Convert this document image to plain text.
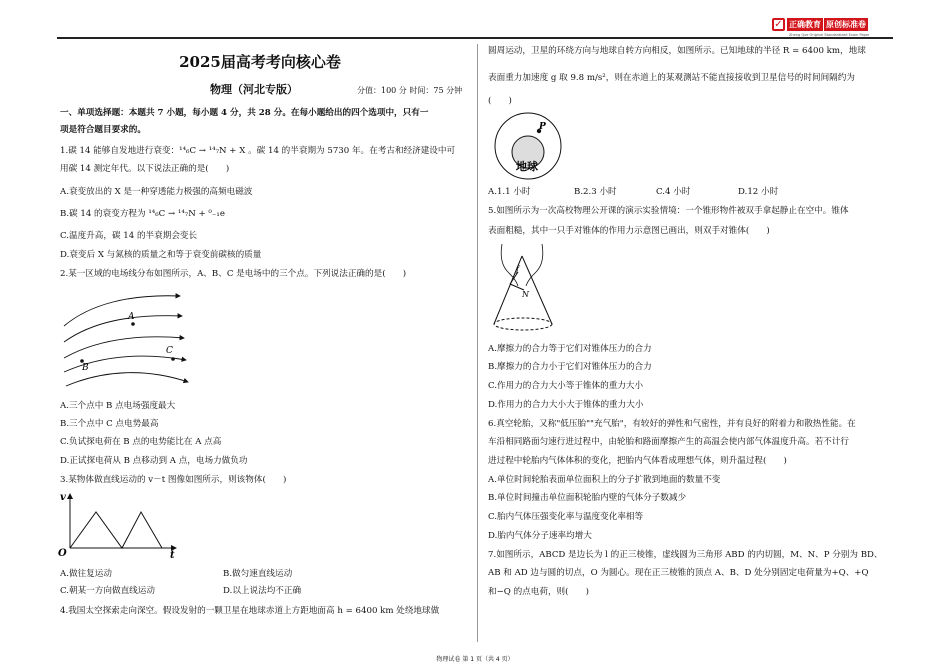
✓ 正确教育 原创标准卷
Zheng Que Original Standardized Exam Paper
2025届高考考向核心卷
物理（河北专版）	分值：100 分 时间：75 分钟
一、单项选择题：本题共 7 小题，每小题 4 分，共 28 分。在每小题给出的四个选项中，只有一
项是符合题目要求的。
1.碳 14 能够自发地进行衰变：¹⁴₆C → ¹⁴₇N + X 。碳 14 的半衰期为 5730 年。在考古和经济建设中可
用碳 14 测定年代。以下说法正确的是(　　)
A.衰变放出的 X 是一种穿透能力极强的高频电磁波
B.碳 14 的衰变方程为 ¹⁴₆C → ¹⁴₇N + ⁰₋₁e
C.温度升高，碳 14 的半衰期会变长
D.衰变后 X 与氮核的质量之和等于衰变前碳核的质量
2.某一区域的电场线分布如图所示，A、B、C 是电场中的三个点。下列说法正确的是(　　)
A
B
C
A.三个点中 B 点电场强度最大
B.三个点中 C 点电势最高
C.负试探电荷在 B 点的电势能比在 A 点高
D.正试探电荷从 B 点移动到 A 点，电场力做负功
3.某物体做直线运动的 v－t 图像如图所示，则该物体(　　)
v
t
O
A.做往复运动	B.做匀速直线运动
C.朝某一方向做直线运动	D.以上说法均不正确
4.我国太空探索走向深空。假设发射的一颗卫星在地球赤道上方距地面高 h = 6400 km 处绕地球做
圆周运动，卫星的环绕方向与地球自转方向相反，如图所示。已知地球的半径 R = 6400 km，地球
表面重力加速度 g 取 9.8 m/s²，则在赤道上的某观测站不能直接接收到卫星信号的时间间隔约为
(　　)
P
地球
A.1.1 小时	B.2.3 小时	C.4 小时	D.12 小时
5.如图所示为一次高校物理公开课的演示实验情境：一个锥形物件被双手拿起静止在空中。锥体
表面粗糙，其中一只手对锥体的作用力示意图已画出，则双手对锥体(　　)
f
N
A.摩擦力的合力等于它们对锥体压力的合力
B.摩擦力的合力小于它们对锥体压力的合力
C.作用力的合力大小等于锥体的重力大小
D.作用力的合力大小大于锥体的重力大小
6.真空轮胎，又称"低压胎""充气胎"，有较好的弹性和气密性，并有良好的附着力和散热性能。在
车沿相同路面匀速行进过程中，由轮胎和路面摩擦产生的高温会使内部气体温度升高。若不计行
进过程中轮胎内气体体积的变化，把胎内气体看成理想气体，则升温过程(　　)
A.单位时间轮胎表面单位面积上的分子扩散到地面的数量不变
B.单位时间撞击单位面积轮胎内壁的气体分子数减少
C.胎内气体压强变化率与温度变化率相等
D.胎内气体分子速率均增大
7.如图所示，ABCD 是边长为 l 的正三棱锥，虚线圆为三角形 ABD 的内切圆，M、N、P 分别为 BD、
AB 和 AD 边与圆的切点，O 为圆心。现在正三棱锥的顶点 A、B、D 处分别固定电荷量为+Q、+Q
和−Q 的点电荷，则(　　)
物理试卷 第 1 页（共 4 页）
